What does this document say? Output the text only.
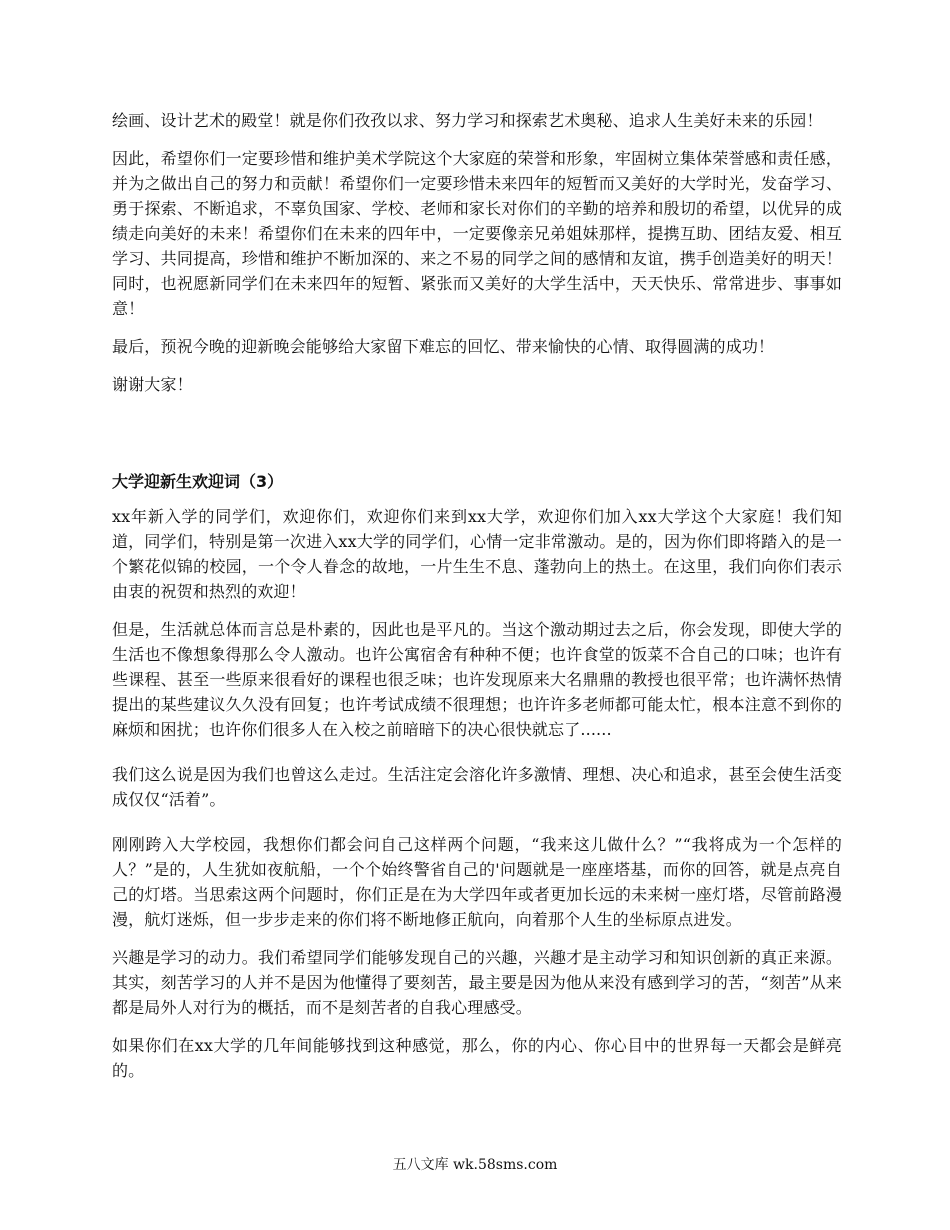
绘画、设计艺术的殿堂！就是你们孜孜以求、努力学习和探索艺术奥秘、追求人生美好未来的乐园！

因此，希望你们一定要珍惜和维护美术学院这个大家庭的荣誉和形象，牢固树立集体荣誉感和责任感，并为之做出自己的努力和贡献！希望你们一定要珍惜未来四年的短暂而又美好的大学时光，发奋学习、勇于探索、不断追求，不辜负国家、学校、老师和家长对你们的辛勤的培养和殷切的希望，以优异的成绩走向美好的未来！希望你们在未来的四年中，一定要像亲兄弟姐妹那样，提携互助、团结友爱、相互学习、共同提高，珍惜和维护不断加深的、来之不易的同学之间的感情和友谊，携手创造美好的明天！同时，也祝愿新同学们在未来四年的短暂、紧张而又美好的大学生活中，天天快乐、常常进步、事事如意！

最后，预祝今晚的迎新晚会能够给大家留下难忘的回忆、带来愉快的心情、取得圆满的成功！

谢谢大家！

大学迎新生欢迎词（3）

xx年新入学的同学们，欢迎你们，欢迎你们来到xx大学，欢迎你们加入xx大学这个大家庭！我们知道，同学们，特别是第一次进入xx大学的同学们，心情一定非常激动。是的，因为你们即将踏入的是一个繁花似锦的校园，一个令人眷念的故地，一片生生不息、蓬勃向上的热土。在这里，我们向你们表示由衷的祝贺和热烈的欢迎！

但是，生活就总体而言总是朴素的，因此也是平凡的。当这个激动期过去之后，你会发现，即使大学的生活也不像想象得那么令人激动。也许公寓宿舍有种种不便；也许食堂的饭菜不合自己的口味；也许有些课程、甚至一些原来很看好的课程也很乏味；也许发现原来大名鼎鼎的教授也很平常；也许满怀热情提出的某些建议久久没有回复；也许考试成绩不很理想；也许许多老师都可能太忙，根本注意不到你的麻烦和困扰；也许你们很多人在入校之前暗暗下的决心很快就忘了......

我们这么说是因为我们也曾这么走过。生活注定会溶化许多激情、理想、决心和追求，甚至会使生活变成仅仅“活着”。

刚刚跨入大学校园，我想你们都会问自己这样两个问题，“我来这儿做什么？”“我将成为一个怎样的人？”是的，人生犹如夜航船，一个个始终警省自己的'问题就是一座座塔基，而你的回答，就是点亮自己的灯塔。当思索这两个问题时，你们正是在为大学四年或者更加长远的未来树一座灯塔，尽管前路漫漫，航灯迷烁，但一步步走来的你们将不断地修正航向，向着那个人生的坐标原点进发。

兴趣是学习的动力。我们希望同学们能够发现自己的兴趣，兴趣才是主动学习和知识创新的真正来源。其实，刻苦学习的人并不是因为他懂得了要刻苦，最主要是因为他从来没有感到学习的苦，“刻苦”从来都是局外人对行为的概括，而不是刻苦者的自我心理感受。

如果你们在xx大学的几年间能够找到这种感觉，那么，你的内心、你心目中的世界每一天都会是鲜亮的。

五八文库 wk.58sms.com
